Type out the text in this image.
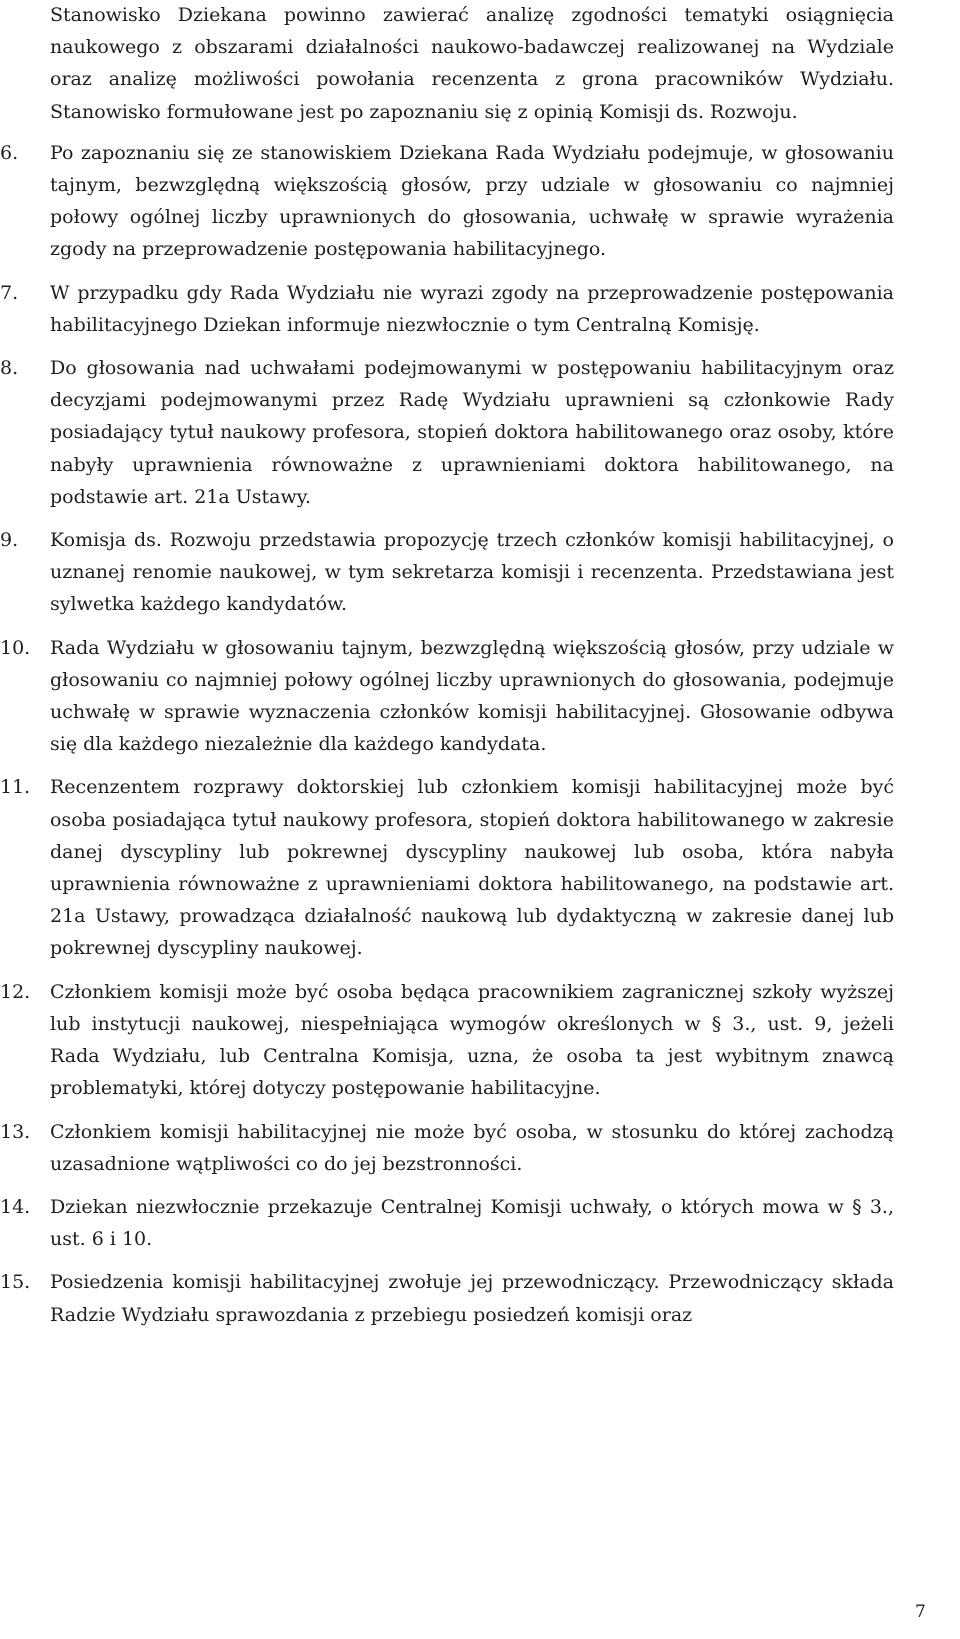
Stanowisko Dziekana powinno zawierać analizę zgodności tematyki osiągnięcia naukowego z obszarami działalności naukowo-badawczej realizowanej na Wydziale oraz analizę możliwości powołania recenzenta z grona pracowników Wydziału. Stanowisko formułowane jest po zapoznaniu się z opinią Komisji ds. Rozwoju.

6.	Po zapoznaniu się ze stanowiskiem Dziekana Rada Wydziału podejmuje, w głosowaniu tajnym, bezwzględną większością głosów, przy udziale w głosowaniu co najmniej połowy ogólnej liczby uprawnionych do głosowania, uchwałę w sprawie wyrażenia zgody na przeprowadzenie postępowania habilitacyjnego.

7.	W przypadku gdy Rada Wydziału nie wyrazi zgody na przeprowadzenie postępowania habilitacyjnego Dziekan informuje niezwłocznie o tym Centralną Komisję.

8.	Do głosowania nad uchwałami podejmowanymi w postępowaniu habilitacyjnym oraz decyzjami podejmowanymi przez Radę Wydziału uprawnieni są członkowie Rady posiadający tytuł naukowy profesora, stopień doktora habilitowanego oraz osoby, które nabyły uprawnienia równoważne z uprawnieniami doktora habilitowanego, na podstawie art. 21a Ustawy.

9.	Komisja ds. Rozwoju przedstawia propozycję trzech członków komisji habilitacyjnej, o uznanej renomie naukowej, w tym sekretarza komisji i recenzenta. Przedstawiana jest sylwetka każdego kandydatów.

10.	Rada Wydziału w głosowaniu tajnym, bezwzględną większością głosów, przy udziale w głosowaniu co najmniej połowy ogólnej liczby uprawnionych do głosowania, podejmuje uchwałę w sprawie wyznaczenia członków komisji habilitacyjnej. Głosowanie odbywa się dla każdego niezależnie dla każdego kandydata.

11.	Recenzentem rozprawy doktorskiej lub członkiem komisji habilitacyjnej może być osoba posiadająca tytuł naukowy profesora, stopień doktora habilitowanego w zakresie danej dyscypliny lub pokrewnej dyscypliny naukowej lub osoba, która nabyła uprawnienia równoważne z uprawnieniami doktora habilitowanego, na podstawie art. 21a Ustawy, prowadząca działalność naukową lub dydaktyczną w zakresie danej lub pokrewnej dyscypliny naukowej.

12.	Członkiem komisji może być osoba będąca pracownikiem zagranicznej szkoły wyższej lub instytucji naukowej, niespełniająca wymogów określonych w § 3., ust. 9, jeżeli Rada Wydziału, lub Centralna Komisja, uzna, że osoba ta jest wybitnym znawcą problematyki, której dotyczy postępowanie habilitacyjne.

13.	Członkiem komisji habilitacyjnej nie może być osoba, w stosunku do której zachodzą uzasadnione wątpliwości co do jej bezstronności.

14.	Dziekan niezwłocznie przekazuje Centralnej Komisji uchwały, o których mowa w § 3., ust. 6 i 10.

15.	Posiedzenia komisji habilitacyjnej zwołuje jej przewodniczący. Przewodniczący składa Radzie Wydziału sprawozdania z przebiegu posiedzeń komisji oraz

7
